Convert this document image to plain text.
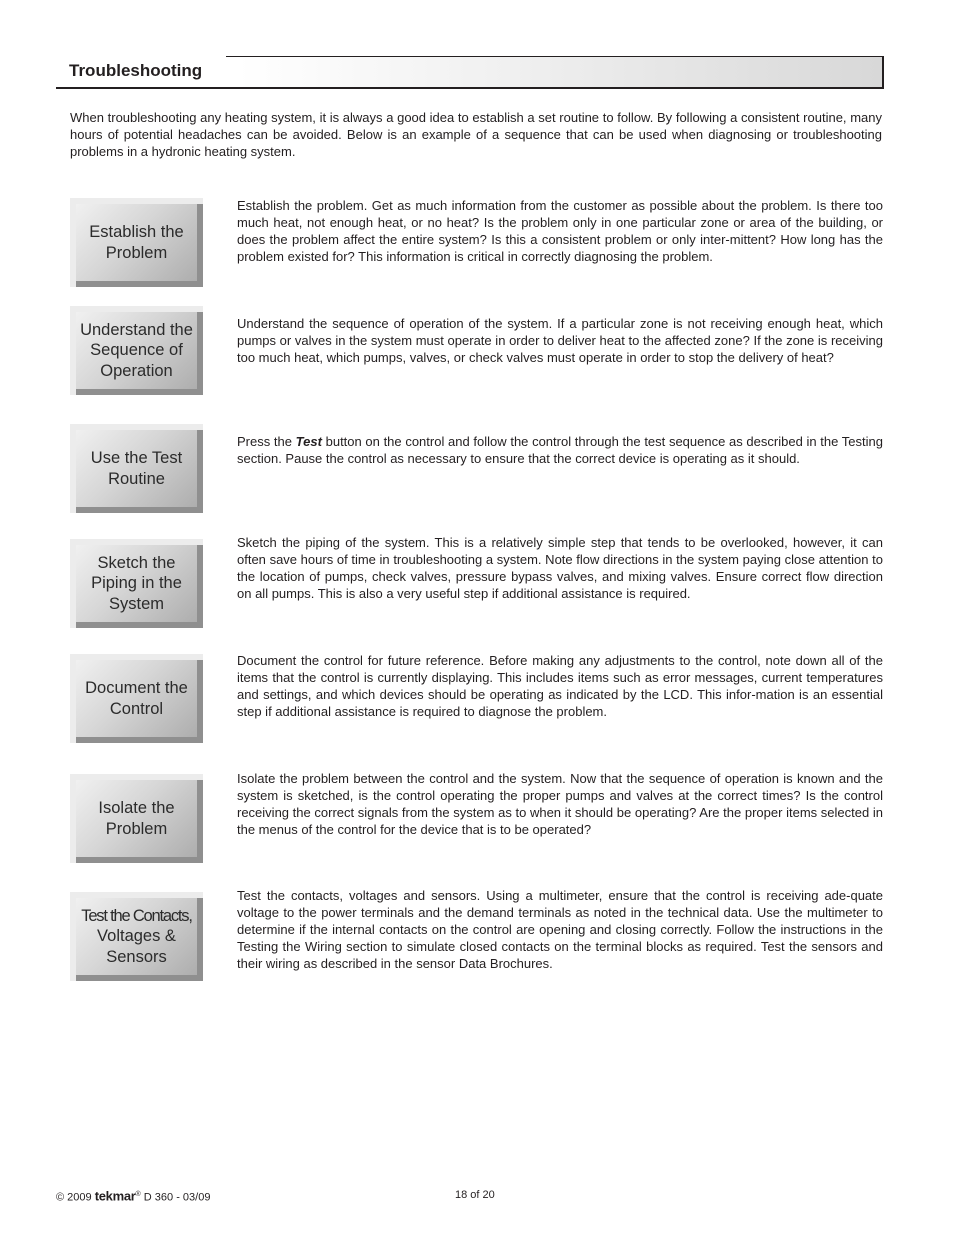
Troubleshooting
When troubleshooting any heating system, it is always a good idea to establish a set routine to follow. By following a consistent routine, many hours of potential headaches can be avoided. Below is an example of a sequence that can be used when diagnosing or troubleshooting problems in a hydronic heating system.
Establish the Problem
Establish the problem. Get as much information from the customer as possible about the problem. Is there too much heat, not enough heat, or no heat? Is the problem only in one particular zone or area of the building, or does the problem affect the entire system? Is this a consistent problem or only inter-mittent? How long has the problem existed for? This information is critical in correctly diagnosing the problem.
Understand the Sequence of Operation
Understand the sequence of operation of the system. If a particular zone is not receiving enough heat, which pumps or valves in the system must operate in order to deliver heat to the affected zone? If the zone is receiving too much heat, which pumps, valves, or check valves must operate in order to stop the delivery of heat?
Use the Test Routine
Press the Test button on the control and follow the control through the test sequence as described in the Testing section. Pause the control as necessary to ensure that the correct device is operating as it should.
Sketch the Piping in the System
Sketch the piping of the system. This is a relatively simple step that tends to be overlooked, however, it can often save hours of time in troubleshooting a system. Note flow directions in the system paying close attention to the location of pumps, check valves, pressure bypass valves, and mixing valves. Ensure correct flow direction on all pumps. This is also a very useful step if additional assistance is required.
Document the Control
Document the control for future reference. Before making any adjustments to the control, note down all of the items that the control is currently displaying. This includes items such as error messages, current temperatures and settings, and which devices should be operating as indicated by the LCD. This infor-mation is an essential step if additional assistance is required to diagnose the problem.
Isolate the Problem
Isolate the problem between the control and the system. Now that the sequence of operation is known and the system is sketched, is the control operating the proper pumps and valves at the correct times? Is the control receiving the correct signals from the system as to when it should be operating? Are the proper items selected in the menus of the control for the device that is to be operated?
Test the Contacts,
Voltages &
Sensors
Test the contacts, voltages and sensors. Using a multimeter, ensure that the control is receiving ade-quate voltage to the power terminals and the demand terminals as noted in the technical data. Use the multimeter to determine if the internal contacts on the control are opening and closing correctly. Follow the instructions in the Testing the Wiring section to simulate closed contacts on the terminal blocks as required. Test the sensors and their wiring as described in the sensor Data Brochures.
© 2009 tekmar® D 360 - 03/09	18 of 20
